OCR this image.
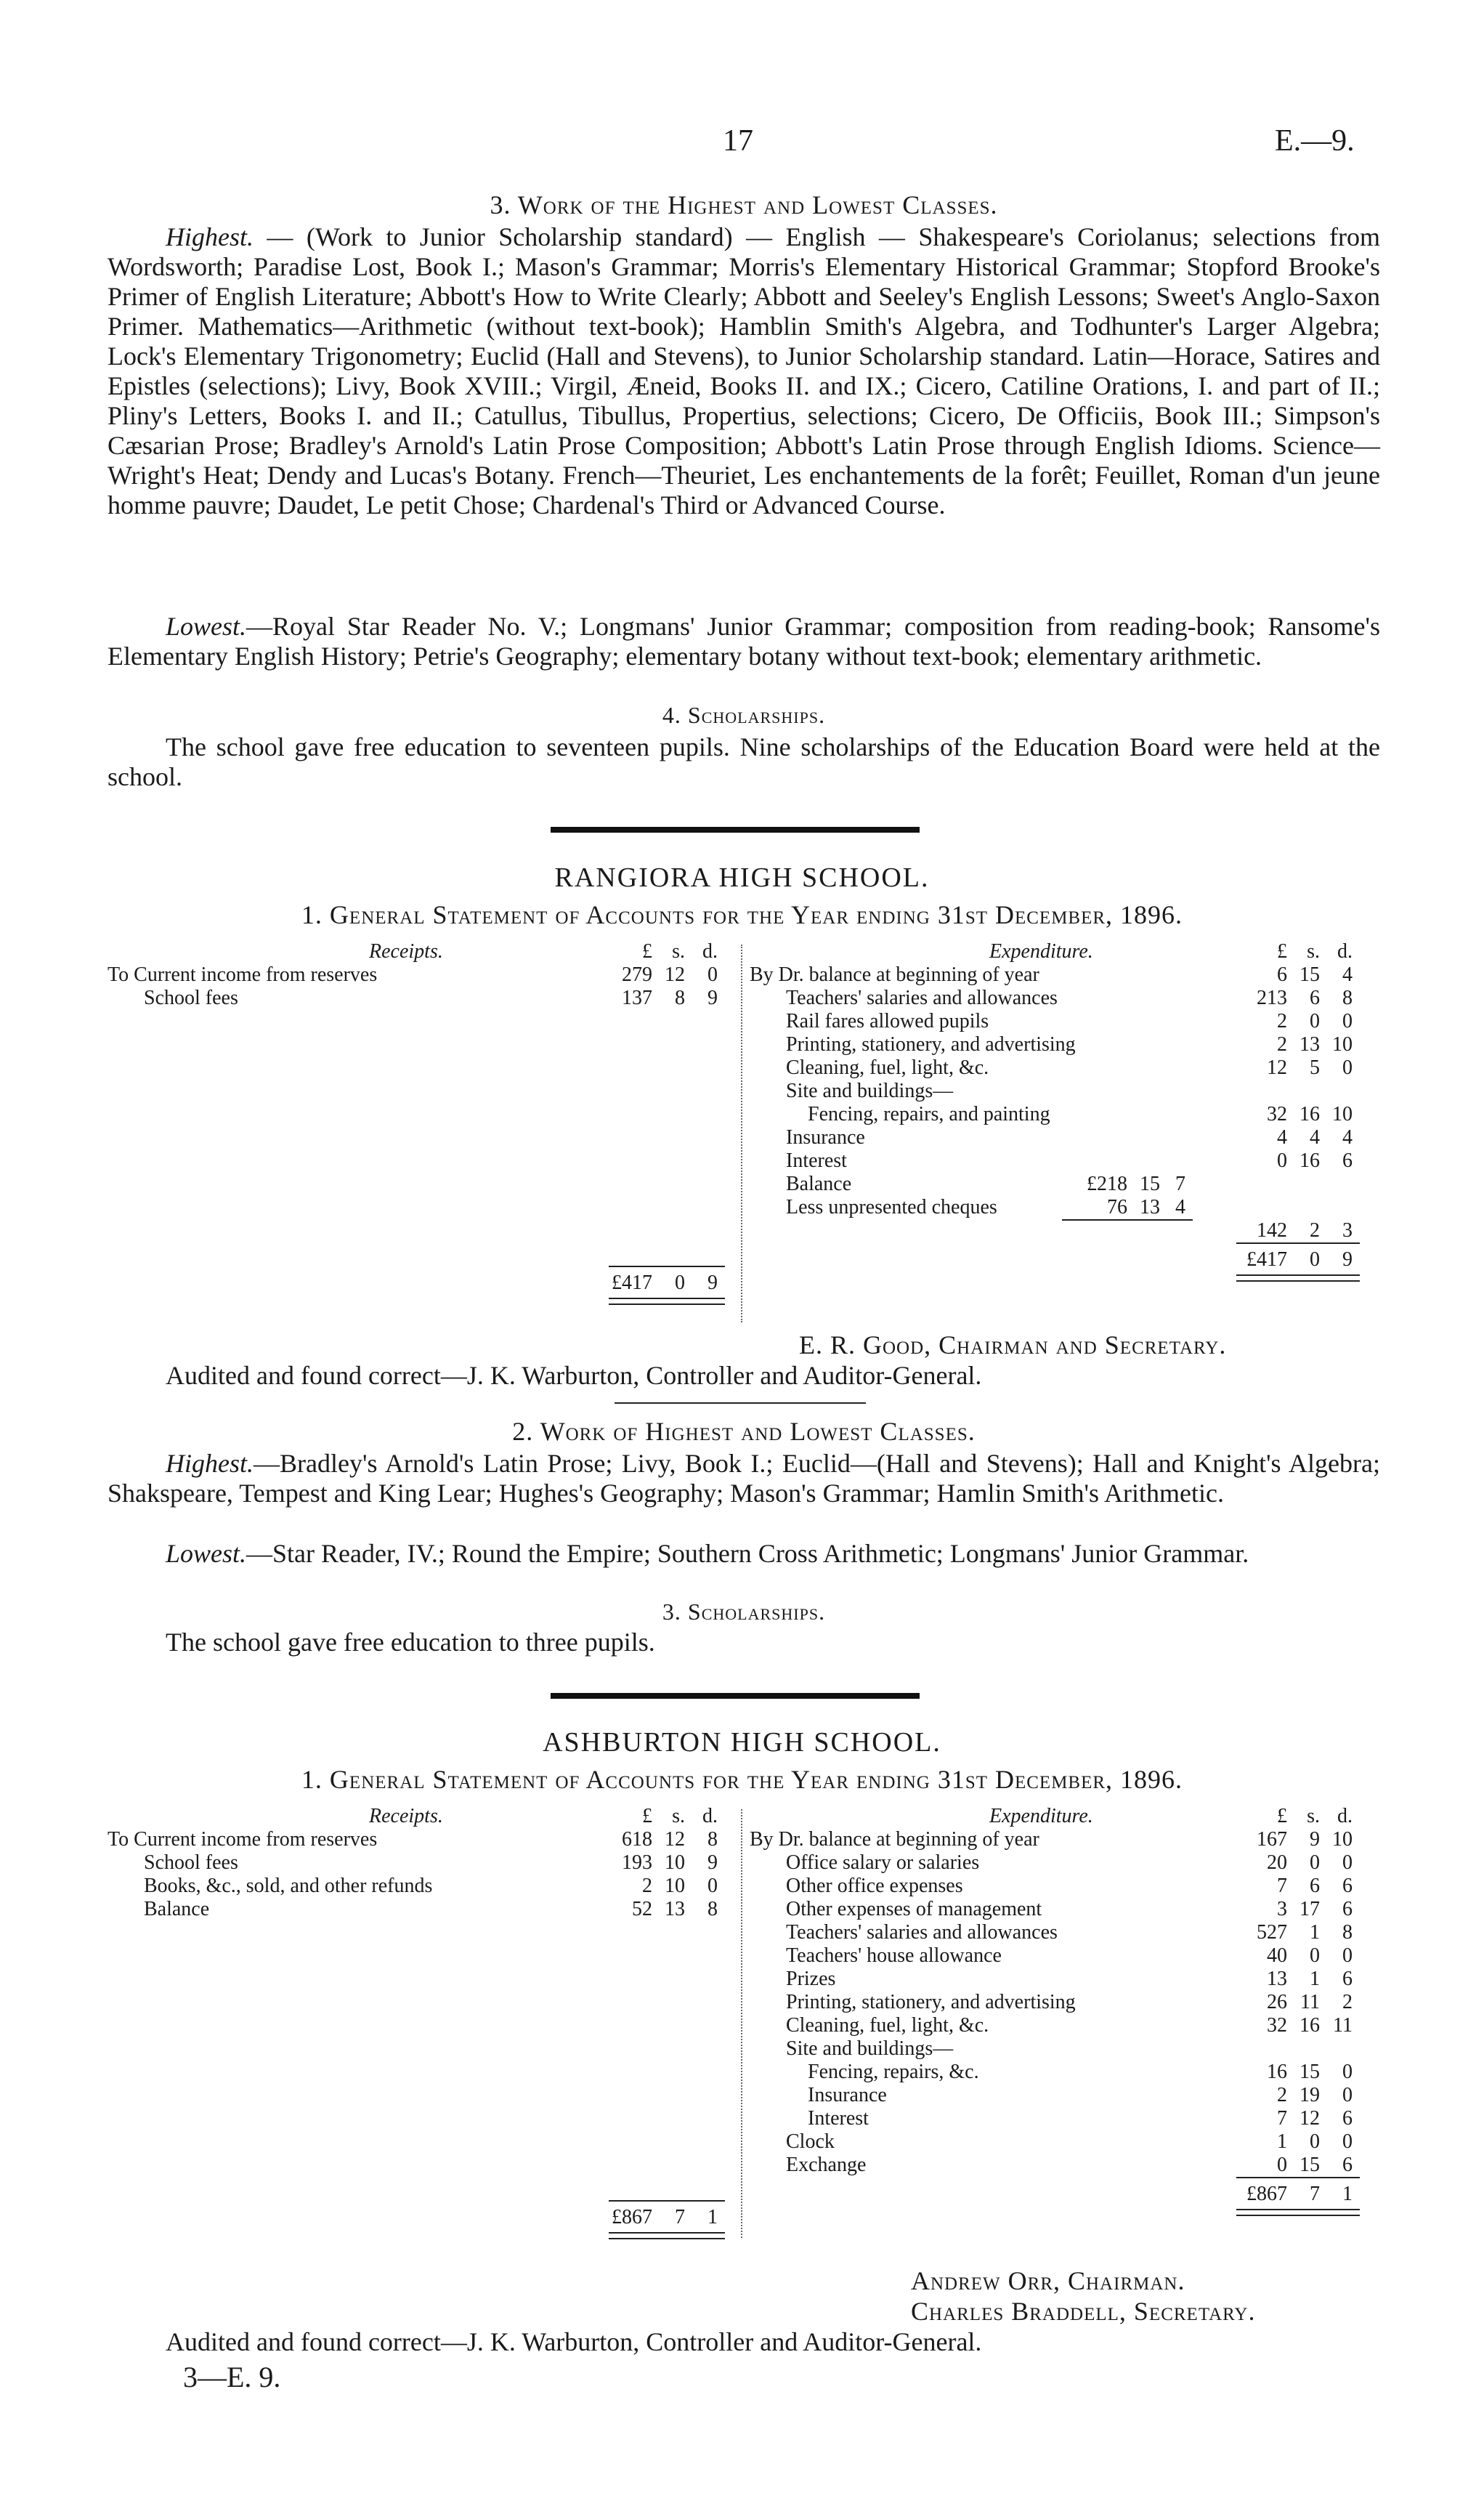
17	E.—9.
3. Work of the Highest and Lowest Classes.

Highest. — (Work to Junior Scholarship standard) — English — Shakespeare's Coriolanus; selections from Wordsworth; Paradise Lost, Book I.; Mason's Grammar; Morris's Elementary Historical Grammar; Stopford Brooke's Primer of English Literature; Abbott's How to Write Clearly; Abbott and Seeley's English Lessons; Sweet's Anglo-Saxon Primer. Mathematics—Arithmetic (without text-book); Hamblin Smith's Algebra, and Todhunter's Larger Algebra; Lock's Elementary Trigonometry; Euclid (Hall and Stevens), to Junior Scholarship standard. Latin—Horace, Satires and Epistles (selections); Livy, Book XVIII.; Virgil, Æneid, Books II. and IX.; Cicero, Catiline Orations, I. and part of II.; Pliny's Letters, Books I. and II.; Catullus, Tibullus, Propertius, selections; Cicero, De Officiis, Book III.; Simpson's Cæsarian Prose; Bradley's Arnold's Latin Prose Composition; Abbott's Latin Prose through English Idioms. Science—Wright's Heat; Dendy and Lucas's Botany. French—Theuriet, Les enchantements de la forêt; Feuillet, Roman d'un jeune homme pauvre; Daudet, Le petit Chose; Chardenal's Third or Advanced Course.

Lowest.—Royal Star Reader No. V.; Longmans' Junior Grammar; composition from reading-book; Ransome's Elementary English History; Petrie's Geography; elementary botany without text-book; elementary arithmetic.

4. Scholarships.

The school gave free education to seventeen pupils. Nine scholarships of the Education Board were held at the school.

RANGIORA HIGH SCHOOL.
1. General Statement of Accounts for the Year ending 31st December, 1896.
Receipts.	£ s. d.
To Current income from reserves	279 12	0
School fees	137	8	9
£417	0	9
Expenditure.	£ s. d.
By Dr. balance at beginning of year	6 15	4
Teachers' salaries and allowances	213	6	8
Rail fares allowed pupils	2	0	0
Printing, stationery, and advertising	2 13 10
Cleaning, fuel, light, &c.	12	5	0
Site and buildings—
Fencing, repairs, and painting	32 16 10
Insurance	4	4	4
Interest	0 16	6
Balance	£218 15 7
Less unpresented cheques	76 13 4
142	2	3
£417	0	9
E. R. Good, Chairman and Secretary.
Audited and found correct—J. K. Warburton, Controller and Auditor-General.
2. Work of Highest and Lowest Classes.

Highest.—Bradley's Arnold's Latin Prose; Livy, Book I.; Euclid—(Hall and Stevens); Hall and Knight's Algebra; Shakspeare, Tempest and King Lear; Hughes's Geography; Mason's Grammar; Hamlin Smith's Arithmetic.

Lowest.—Star Reader, IV.; Round the Empire; Southern Cross Arithmetic; Longmans' Junior Grammar.

3. Scholarships.

The school gave free education to three pupils.

ASHBURTON HIGH SCHOOL.
1. General Statement of Accounts for the Year ending 31st December, 1896.
Receipts.	£ s. d.
To Current income from reserves	618 12	8
School fees	193 10	9
Books, &c., sold, and other refunds	2 10	0
Balance	52 13	8
£867	7	1
Expenditure.	£ s. d.
By Dr. balance at beginning of year	167	9 10
Office salary or salaries	20	0	0
Other office expenses	7	6	6
Other expenses of management	3 17	6
Teachers' salaries and allowances	527	1	8
Teachers' house allowance	40	0	0
Prizes	13	1	6
Printing, stationery, and advertising	26 11	2
Cleaning, fuel, light, &c.	32 16 11
Site and buildings—
Fencing, repairs, &c.	16 15	0
Insurance	2 19	0
Interest	7 12	6
Clock	1	0	0
Exchange	0 15	6
£867	7	1
Andrew Orr, Chairman.
Charles Braddell, Secretary.
Audited and found correct—J. K. Warburton, Controller and Auditor-General.
3—E. 9.
